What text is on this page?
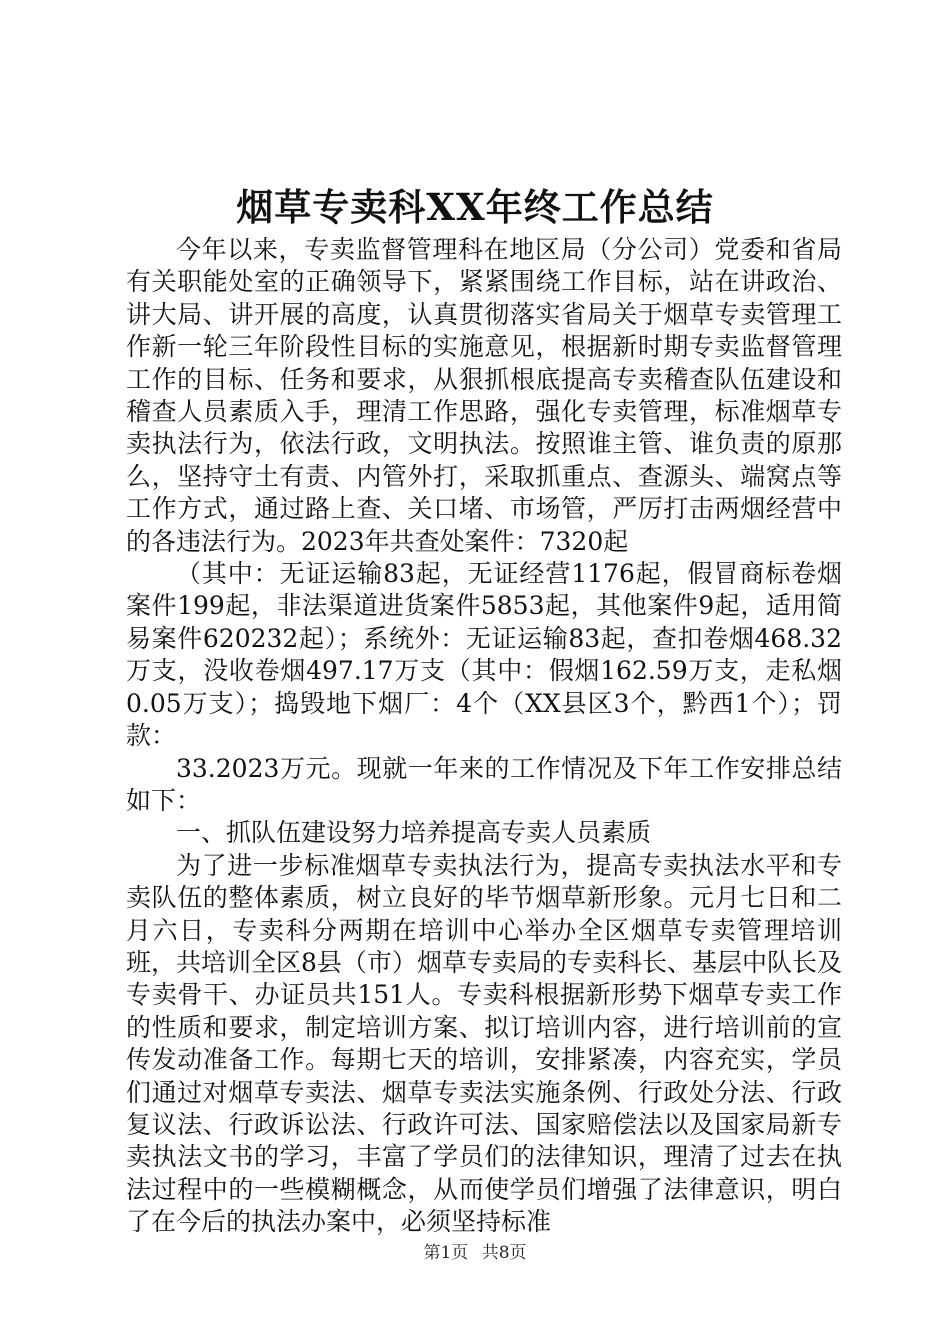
烟草专卖科XX年终工作总结

今年以来，专卖监督管理科在地区局（分公司）党委和省局有关职能处室的正确领导下，紧紧围绕工作目标，站在讲政治、讲大局、讲开展的高度，认真贯彻落实省局关于烟草专卖管理工作新一轮三年阶段性目标的实施意见，根据新时期专卖监督管理工作的目标、任务和要求，从狠抓根底提高专卖稽查队伍建设和稽查人员素质入手，理清工作思路，强化专卖管理，标准烟草专卖执法行为，依法行政，文明执法。按照谁主管、谁负责的原那么，坚持守土有责、内管外打，采取抓重点、查源头、端窝点等工作方式，通过路上查、关口堵、市场管，严厉打击两烟经营中的各违法行为。2023年共查处案件：7320起

（其中：无证运输83起，无证经营1176起，假冒商标卷烟案件199起，非法渠道进货案件5853起，其他案件9起，适用简易案件620232起）；系统外：无证运输83起，查扣卷烟468.32万支，没收卷烟497.17万支（其中：假烟162.59万支，走私烟0.05万支）；捣毁地下烟厂：4个（XX县区3个，黔西1个）；罚款：

33.2023万元。现就一年来的工作情况及下年工作安排总结如下：

一、抓队伍建设努力培养提高专卖人员素质

为了进一步标准烟草专卖执法行为，提高专卖执法水平和专卖队伍的整体素质，树立良好的毕节烟草新形象。元月七日和二月六日，专卖科分两期在培训中心举办全区烟草专卖管理培训班，共培训全区8县（市）烟草专卖局的专卖科长、基层中队长及专卖骨干、办证员共151人。专卖科根据新形势下烟草专卖工作的性质和要求，制定培训方案、拟订培训内容，进行培训前的宣传发动准备工作。每期七天的培训，安排紧凑，内容充实，学员们通过对烟草专卖法、烟草专卖法实施条例、行政处分法、行政复议法、行政诉讼法、行政许可法、国家赔偿法以及国家局新专卖执法文书的学习，丰富了学员们的法律知识，理清了过去在执法过程中的一些模糊概念，从而使学员们增强了法律意识，明白了在今后的执法办案中，必须坚持标准

第1页 共8页
